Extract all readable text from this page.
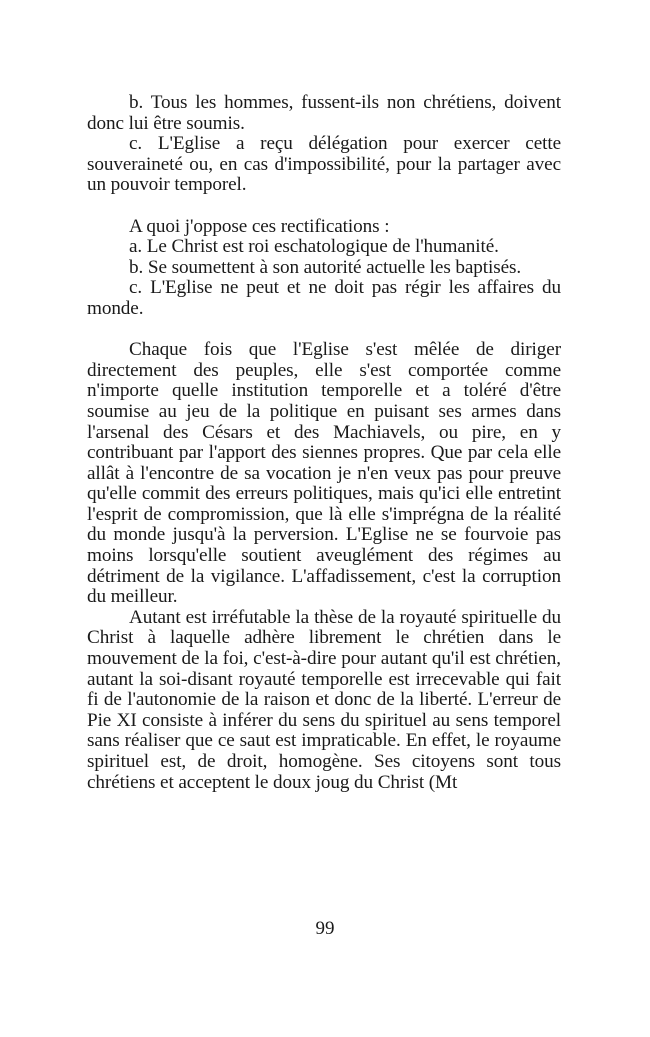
b. Tous les hommes, fussent-ils non chrétiens, doivent donc lui être soumis.

c. L'Eglise a reçu délégation pour exercer cette souveraineté ou, en cas d'impossibilité, pour la partager avec un pouvoir temporel.

A quoi j'oppose ces rectifications :

a. Le Christ est roi eschatologique de l'humanité.

b. Se soumettent à son autorité actuelle les baptisés.

c. L'Eglise ne peut et ne doit pas régir les affaires du monde.

Chaque fois que l'Eglise s'est mêlée de diriger directement des peuples, elle s'est comportée comme n'importe quelle institution temporelle et a toléré d'être soumise au jeu de la politique en puisant ses armes dans l'arsenal des Césars et des Machiavels, ou pire, en y contribuant par l'apport des siennes propres. Que par cela elle allât à l'encontre de sa vocation je n'en veux pas pour preuve qu'elle commit des erreurs politiques, mais qu'ici elle entretint l'esprit de compromission, que là elle s'imprégna de la réalité du monde jusqu'à la perversion. L'Eglise ne se fourvoie pas moins lorsqu'elle soutient aveuglément des régimes au détriment de la vigilance. L'affadissement, c'est la corruption du meilleur.

Autant est irréfutable la thèse de la royauté spirituelle du Christ à laquelle adhère librement le chrétien dans le mouvement de la foi, c'est-à-dire pour autant qu'il est chrétien, autant la soi-disant royauté temporelle est irrecevable qui fait fi de l'autonomie de la raison et donc de la liberté. L'erreur de Pie XI consiste à inférer du sens du spirituel au sens temporel sans réaliser que ce saut est impraticable. En effet, le royaume spirituel est, de droit, homogène. Ses citoyens sont tous chrétiens et acceptent le doux joug du Christ (Mt

99
